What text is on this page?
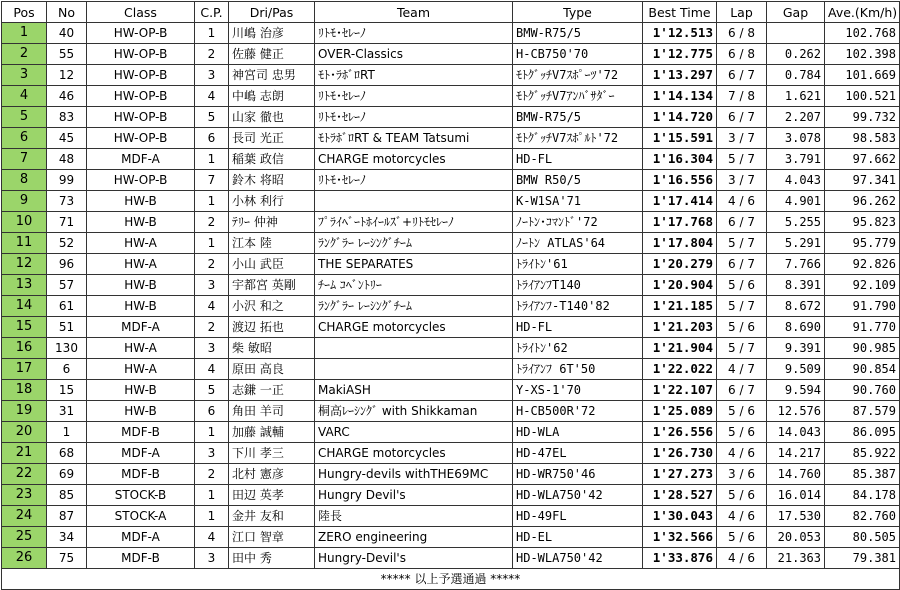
Pos	No	Class	C.P.	Dri/Pas	Team	Type	Best Time	Lap	Gap	Ave.(Km/h)
1	40	HW-OP-B	1	川嶋 治彦	ﾘﾄﾓ･ｾﾚｰﾉ	BMW-R75/5	1'12.513	6 / 8		102.768
2	55	HW-OP-B	2	佐藤 健正	OVER-Classics	H-CB750'70	1'12.775	6 / 8	0.262	102.398
3	12	HW-OP-B	3	神宮司 忠男	ﾓﾄ･ﾗﾎﾞﾛRT	ﾓﾄｸﾞｯﾁV7ｽﾎﾟｰﾂ'72	1'13.297	6 / 7	0.784	101.669
4	46	HW-OP-B	4	中嶋 志朗	ﾘﾄﾓ･ｾﾚｰﾉ	ﾓﾄｸﾞｯﾁV7ｱﾝﾊﾞｻﾀﾞｰ	1'14.134	7 / 8	1.621	100.521
5	83	HW-OP-B	5	山家 徹也	ﾘﾄﾓ･ｾﾚｰﾉ	BMW-R75/5	1'14.720	6 / 7	2.207	99.732
6	45	HW-OP-B	6	長司 光正	ﾓﾄﾗﾎﾞﾛRT & TEAM Tatsumi	ﾓﾄｸﾞｯﾁV7ｽﾎﾟﾙﾄ'72	1'15.591	3 / 7	3.078	98.583
7	48	MDF-A	1	稲葉 政信	CHARGE motorcycles	HD-FL	1'16.304	5 / 7	3.791	97.662
8	99	HW-OP-B	7	鈴木 将昭	ﾘﾄﾓ･ｾﾚｰﾉ	BMW R50/5	1'16.556	3 / 7	4.043	97.341
9	73	HW-B	1	小林 利行		K-W1SA'71	1'17.414	4 / 6	4.901	96.262
10	71	HW-B	2	ﾃﾘｰ 仲神	ﾌﾟﾗｲﾍﾞｰﾄﾎｲｰﾙｽﾞ+ﾘﾄﾓｾﾚｰﾉ	ﾉｰﾄﾝ･ｺﾏﾝﾄﾞ'72	1'17.768	6 / 7	5.255	95.823
11	52	HW-A	1	江本 陸	ﾗﾝｸﾞﾗｰ ﾚｰｼﾝｸﾞﾁｰﾑ	ﾉｰﾄﾝ ATLAS'64	1'17.804	5 / 7	5.291	95.779
12	96	HW-A	2	小山 武臣	THE SEPARATES	ﾄﾗｲﾄﾝ'61	1'20.279	6 / 7	7.766	92.826
13	57	HW-B	3	宇都宮 英剛	ﾁｰﾑ ｺﾍﾞﾝﾄﾘｰ	ﾄﾗｲｱﾝﾌT140	1'20.904	5 / 6	8.391	92.109
14	61	HW-B	4	小沢 和之	ﾗﾝｸﾞﾗｰ ﾚｰｼﾝｸﾞﾁｰﾑ	ﾄﾗｲｱﾝﾌ-T140'82	1'21.185	5 / 7	8.672	91.790
15	51	MDF-A	2	渡辺 拓也	CHARGE motorcycles	HD-FL	1'21.203	5 / 6	8.690	91.770
16	130	HW-A	3	柴 敏昭		ﾄﾗｲﾄﾝ'62	1'21.904	5 / 7	9.391	90.985
17	6	HW-A	4	原田 高良		ﾄﾗｲｱﾝﾌ 6T'50	1'22.022	4 / 7	9.509	90.854
18	15	HW-B	5	志鎌 一正	MakiASH	Y-XS-1'70	1'22.107	6 / 7	9.594	90.760
19	31	HW-B	6	角田 羊司	桐高ﾚｰｼﾝｸﾞ with Shikkaman	H-CB500R'72	1'25.089	5 / 6	12.576	87.579
20	1	MDF-B	1	加藤 誠輔	VARC	HD-WLA	1'26.556	5 / 6	14.043	86.095
21	68	MDF-A	3	下川 孝三	CHARGE motorcycles	HD-47EL	1'26.730	4 / 6	14.217	85.922
22	69	MDF-B	2	北村 憲彦	Hungry-devils withTHE69MC	HD-WR750'46	1'27.273	3 / 6	14.760	85.387
23	85	STOCK-B	1	田辺 英孝	Hungry Devil's	HD-WLA750'42	1'28.527	5 / 6	16.014	84.178
24	87	STOCK-A	1	金井 友和	陸長	HD-49FL	1'30.043	4 / 6	17.530	82.760
25	34	MDF-A	4	江口 智章	ZERO engineering	HD-EL	1'32.566	5 / 6	20.053	80.505
26	75	MDF-B	3	田中 秀	Hungry-Devil's	HD-WLA750'42	1'33.876	4 / 6	21.363	79.381
***** 以上予選通過 *****										
